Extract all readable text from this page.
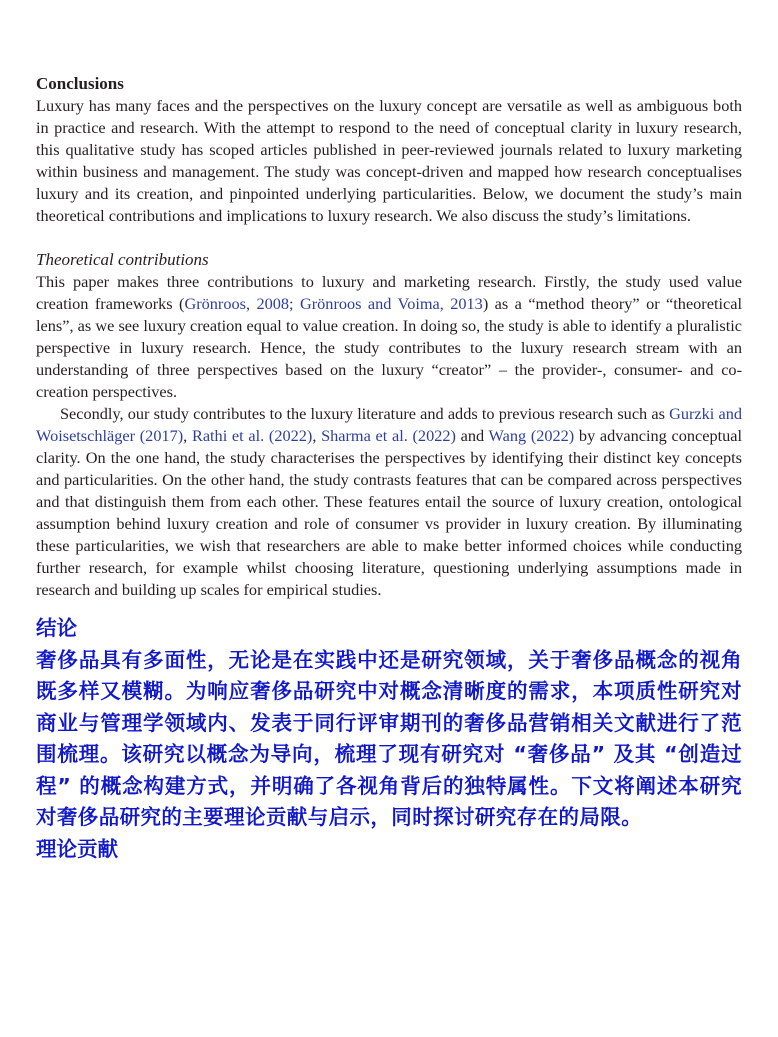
Conclusions

Luxury has many faces and the perspectives on the luxury concept are versatile as well as ambiguous both in practice and research. With the attempt to respond to the need of conceptual clarity in luxury research, this qualitative study has scoped articles published in peer-reviewed journals related to luxury marketing within business and management. The study was concept-driven and mapped how research conceptualises luxury and its creation, and pinpointed underlying particularities. Below, we document the study’s main theoretical contributions and implications to luxury research. We also discuss the study’s limitations.

Theoretical contributions

This paper makes three contributions to luxury and marketing research. Firstly, the study used value creation frameworks (Grönroos, 2008; Grönroos and Voima, 2013) as a “method theory” or “theoretical lens”, as we see luxury creation equal to value creation. In doing so, the study is able to identify a pluralistic perspective in luxury research. Hence, the study contributes to the luxury research stream with an understanding of three perspectives based on the luxury “creator” – the provider-, consumer- and co-creation perspectives.

Secondly, our study contributes to the luxury literature and adds to previous research such as Gurzki and Woisetschläger (2017), Rathi et al. (2022), Sharma et al. (2022) and Wang (2022) by advancing conceptual clarity. On the one hand, the study characterises the perspectives by identifying their distinct key concepts and particularities. On the other hand, the study contrasts features that can be compared across perspectives and that distinguish them from each other. These features entail the source of luxury creation, ontological assumption behind luxury creation and role of consumer vs provider in luxury creation. By illuminating these particularities, we wish that researchers are able to make better informed choices while conducting further research, for example whilst choosing literature, questioning underlying assumptions made in research and building up scales for empirical studies.

结论

奢侈品具有多面性，无论是在实践中还是研究领域，关于奢侈品概念的视角既多样又模糊。为响应奢侈品研究中对概念清晰度的需求，本项质性研究对商业与管理学领域内、发表于同行评审期刊的奢侈品营销相关文献进行了范围梳理。该研究以概念为导向，梳理了现有研究对 “奢侈品” 及其 “创造过程” 的概念构建方式，并明确了各视角背后的独特属性。下文将阐述本研究对奢侈品研究的主要理论贡献与启示，同时探讨研究存在的局限。

理论贡献
